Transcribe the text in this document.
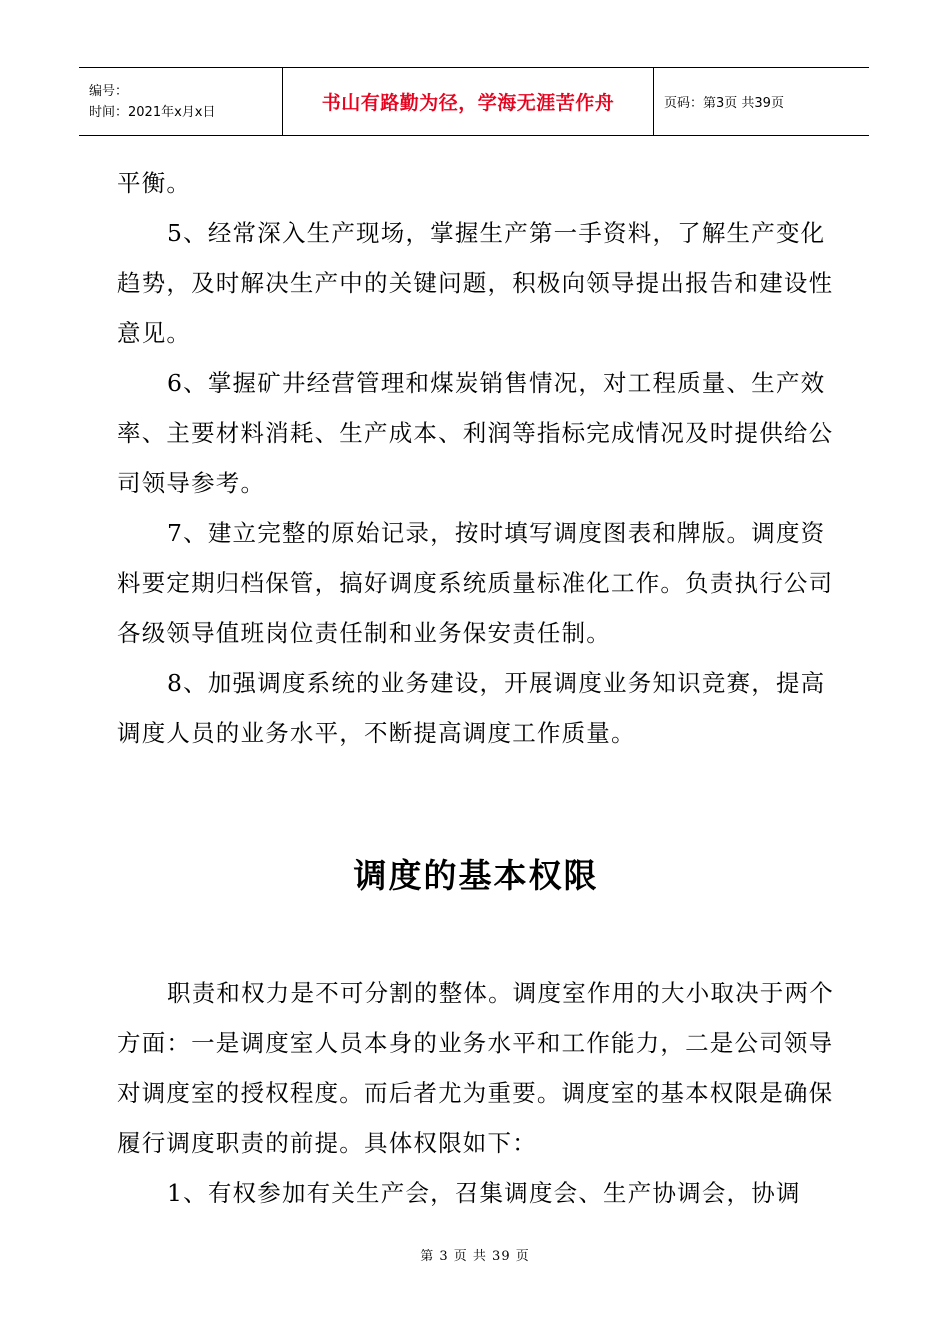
编号：
时间：2021年x月x日	书山有路勤为径，学海无涯苦作舟	页码：第3页 共39页

平衡。

5、经常深入生产现场，掌握生产第一手资料，了解生产变化趋势，及时解决生产中的关键问题，积极向领导提出报告和建设性意见。

6、掌握矿井经营管理和煤炭销售情况，对工程质量、生产效率、主要材料消耗、生产成本、利润等指标完成情况及时提供给公司领导参考。

7、建立完整的原始记录，按时填写调度图表和牌版。调度资料要定期归档保管，搞好调度系统质量标准化工作。负责执行公司各级领导值班岗位责任制和业务保安责任制。

8、加强调度系统的业务建设，开展调度业务知识竞赛，提高调度人员的业务水平，不断提高调度工作质量。

调度的基本权限

职责和权力是不可分割的整体。调度室作用的大小取决于两个方面：一是调度室人员本身的业务水平和工作能力，二是公司领导对调度室的授权程度。而后者尤为重要。调度室的基本权限是确保履行调度职责的前提。具体权限如下：

1、有权参加有关生产会，召集调度会、生产协调会，协调

第 3 页 共 39 页
